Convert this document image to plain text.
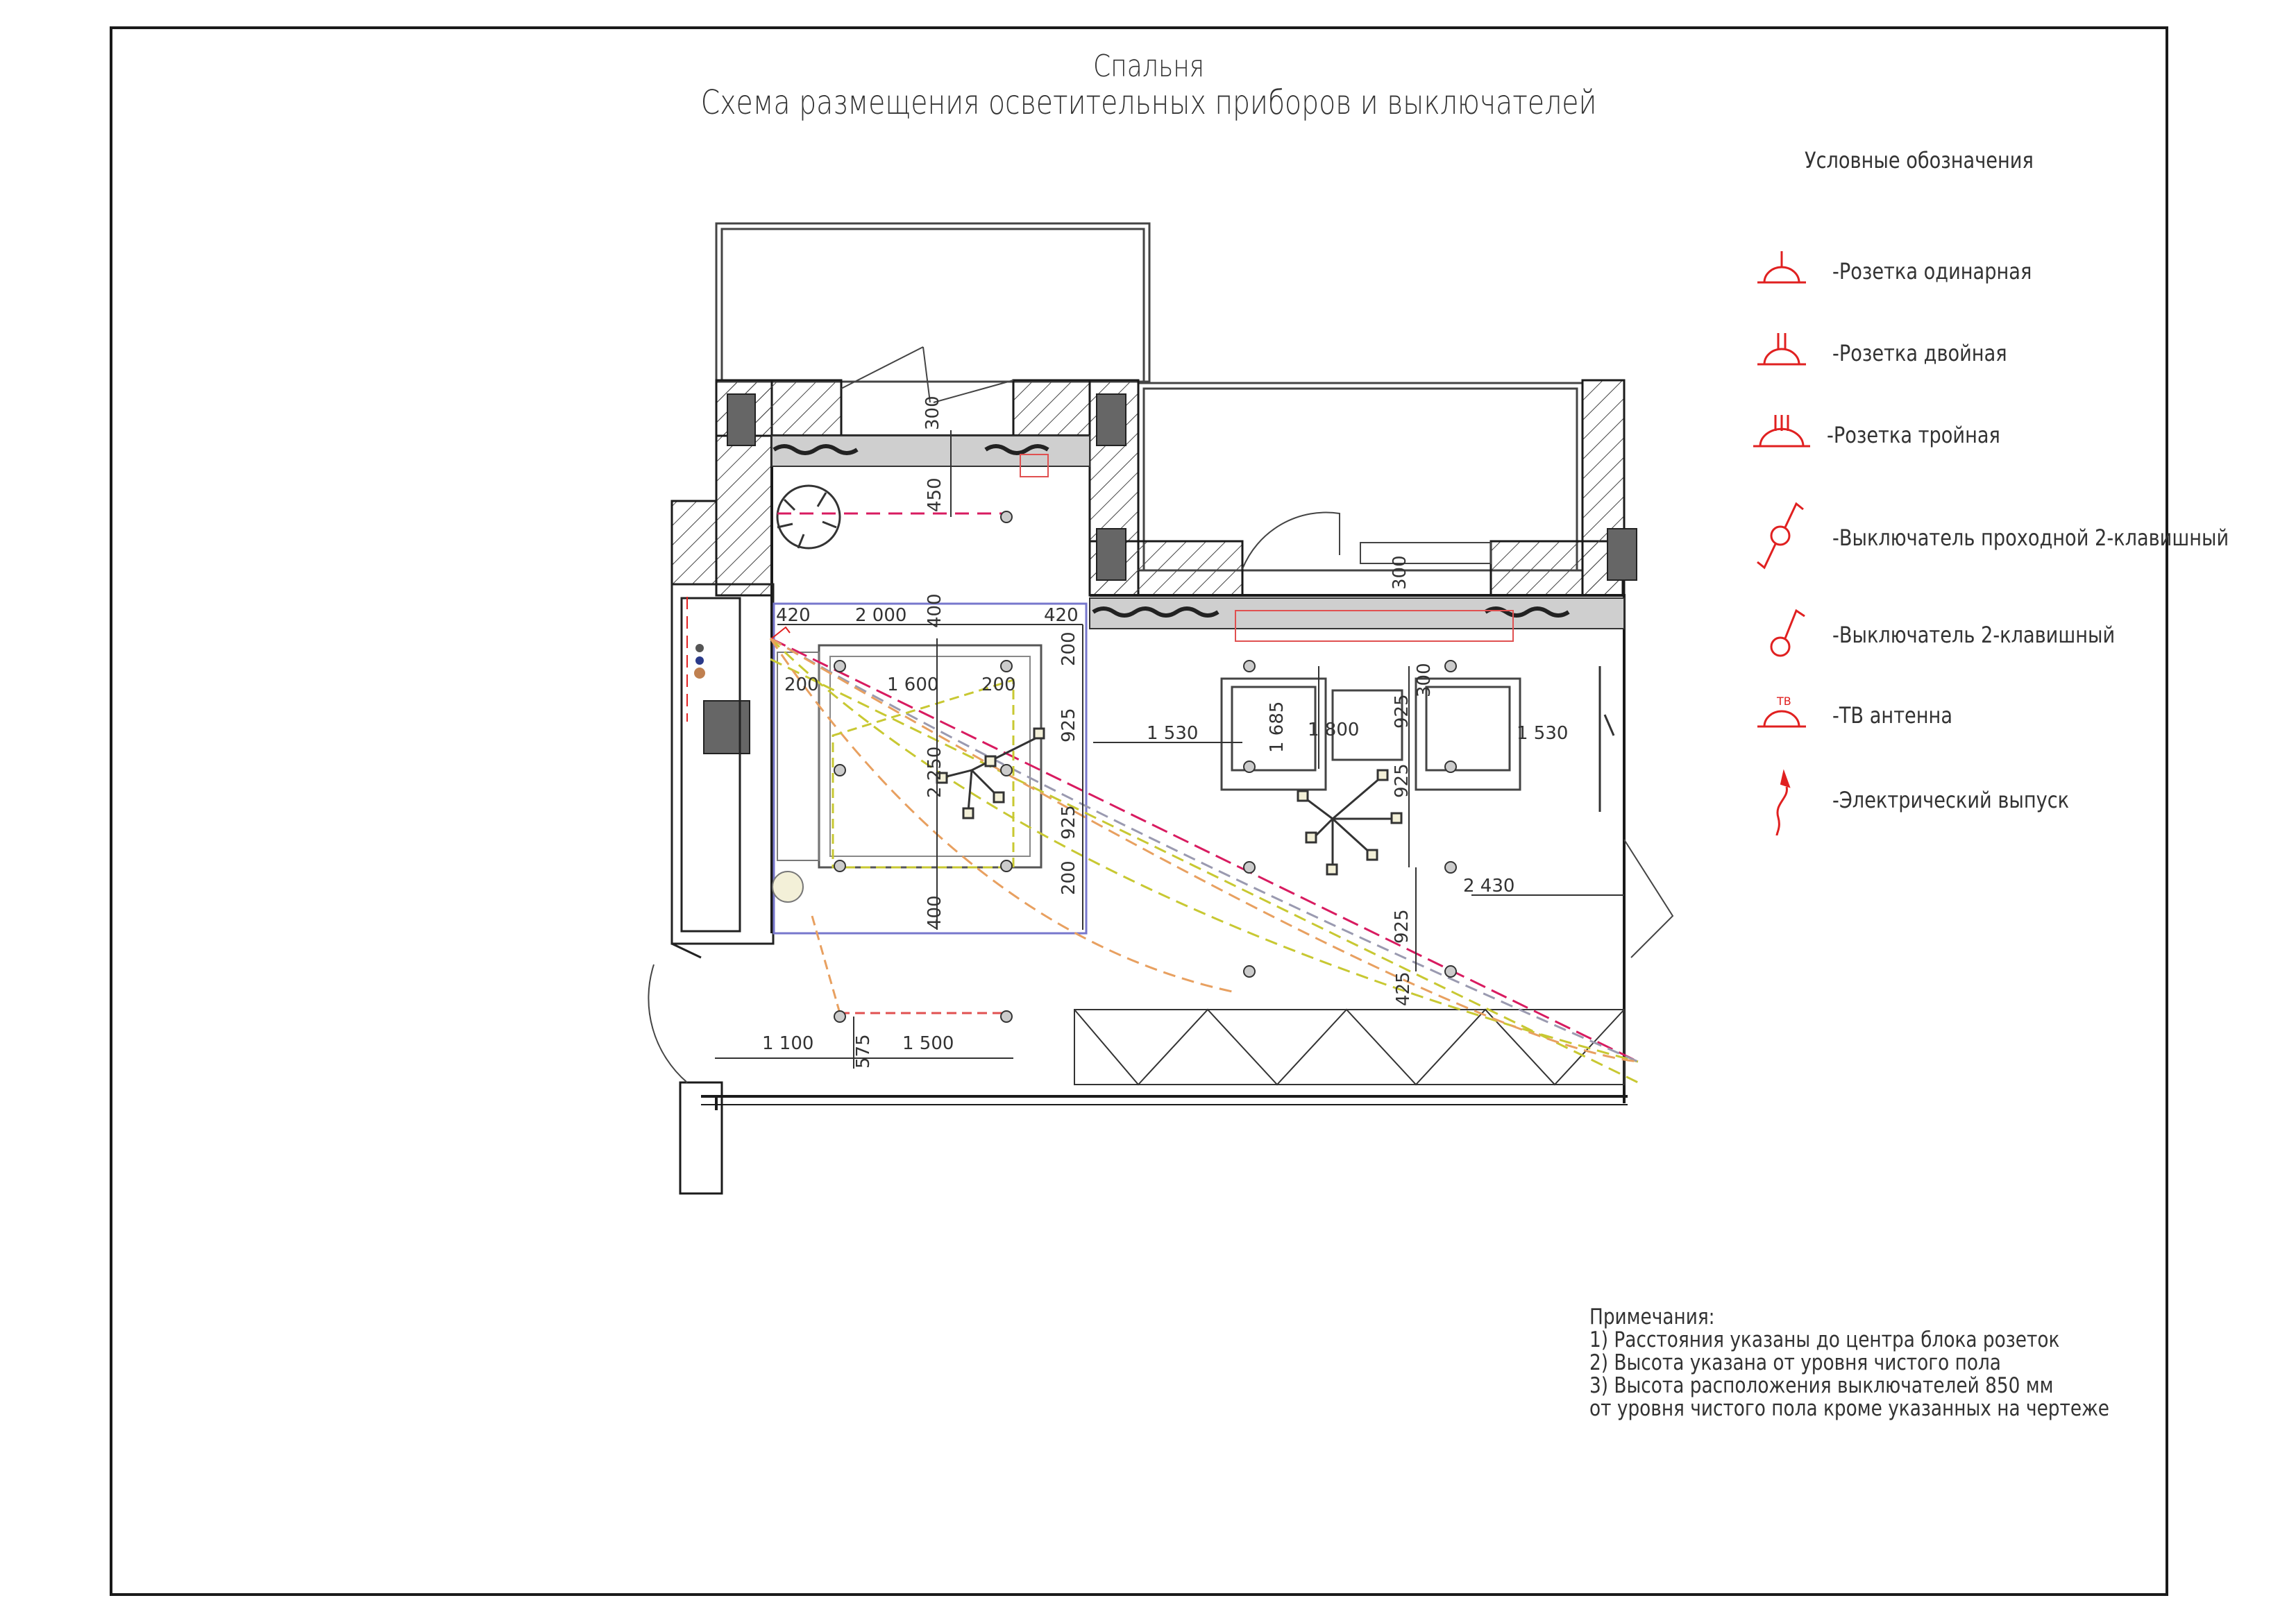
Спальня
Схема размещения осветительных приборов и выключателей
300
450
420 2 000 400	420
200	1 600 200
200
925
2 250
925
200
400
1 530	1 685 1 800
925
300
1 530
925
2 430
925
425
300
1 100 575 1 500
Условные обозначения
-Розетка одинарная
-Розетка двойная
-Розетка тройная
-Выключатель проходной 2-клавишный
-Выключатель 2-клавишный
ТВ
-ТВ антенна
-Электрический выпуск
Примечания:
1) Расстояния указаны до центра блока розеток
2) Высота указана от уровня чистого пола
3) Высота расположения выключателей 850 мм
от уровня чистого пола кроме указанных на чертеже
